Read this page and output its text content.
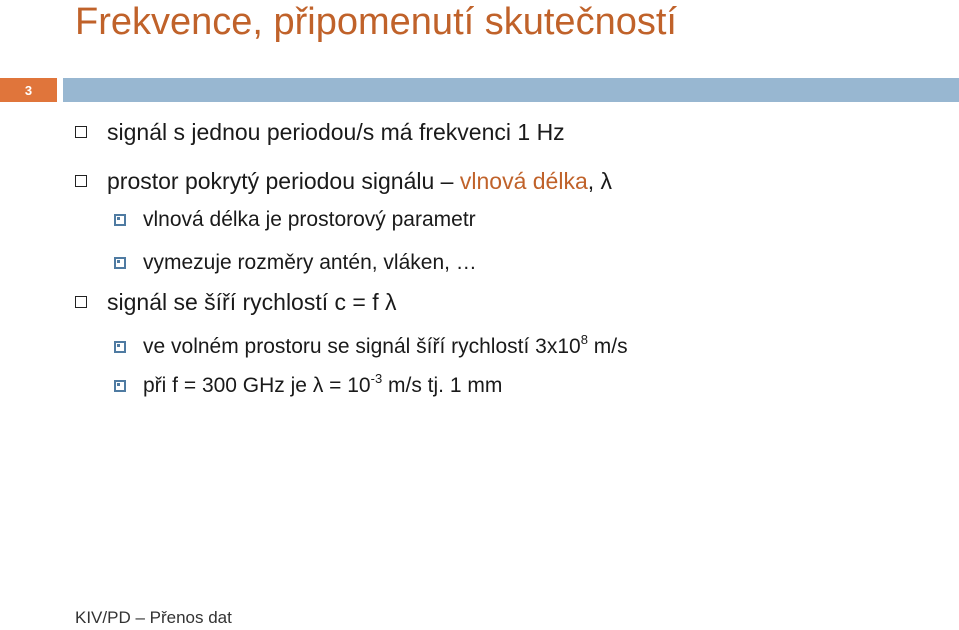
Frekvence, připomenutí skutečností
3
signál s jednou periodou/s má frekvenci 1 Hz
prostor pokrytý periodou signálu – vlnová délka, λ
vlnová délka je prostorový parametr
vymezuje rozměry antén, vláken, …
signál se šíří rychlostí c = f λ
ve volném prostoru se signál šíří rychlostí $3x10^8$ m/s
při f = 300 GHz je $\lambda = 10^{-3}$ m/s tj. 1 mm
KIV/PD – Přenos dat
